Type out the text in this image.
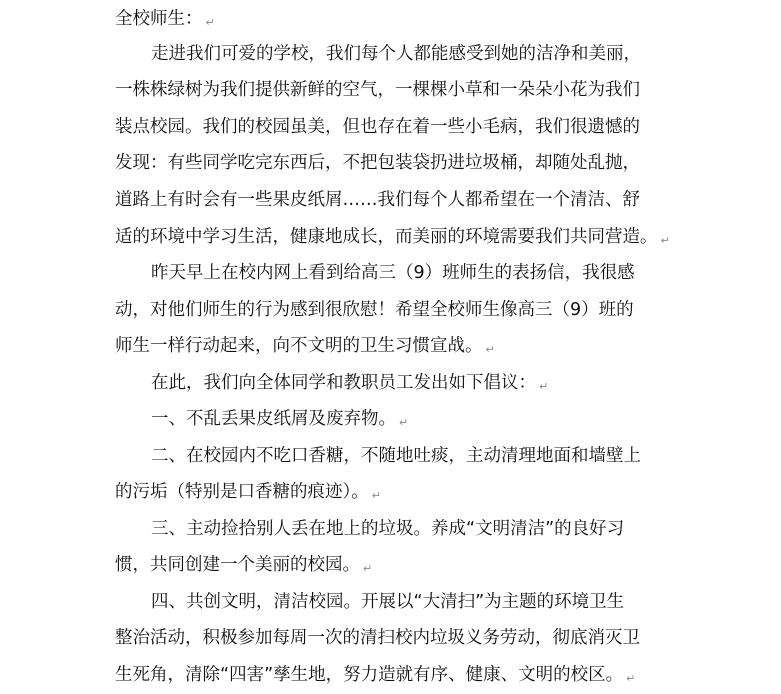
全校师生： ↵
走进我们可爱的学校，我们每个人都能感受到她的洁净和美丽，
一株株绿树为我们提供新鲜的空气，一棵棵小草和一朵朵小花为我们
装点校园。我们的校园虽美，但也存在着一些小毛病，我们很遗憾的
发现：有些同学吃完东西后，不把包装袋扔进垃圾桶，却随处乱抛，
道路上有时会有一些果皮纸屑……我们每个人都希望在一个清洁、舒
适的环境中学习生活，健康地成长，而美丽的环境需要我们共同营造。 ↵
昨天早上在校内网上看到给高三（9）班师生的表扬信，我很感
动，对他们师生的行为感到很欣慰！希望全校师生像高三（9）班的
师生一样行动起来，向不文明的卫生习惯宣战。 ↵
在此，我们向全体同学和教职员工发出如下倡议： ↵
一、不乱丢果皮纸屑及废弃物。 ↵
二、在校园内不吃口香糖，不随地吐痰，主动清理地面和墙壁上
的污垢（特别是口香糖的痕迹）。 ↵
三、主动捡拾别人丢在地上的垃圾。养成“文明清洁”的良好习
惯，共同创建一个美丽的校园。 ↵
四、共创文明，清洁校园。开展以“大清扫”为主题的环境卫生
整治活动，积极参加每周一次的清扫校内垃圾义务劳动，彻底消灭卫
生死角，清除“四害”孳生地，努力造就有序、健康、文明的校区。 ↵
